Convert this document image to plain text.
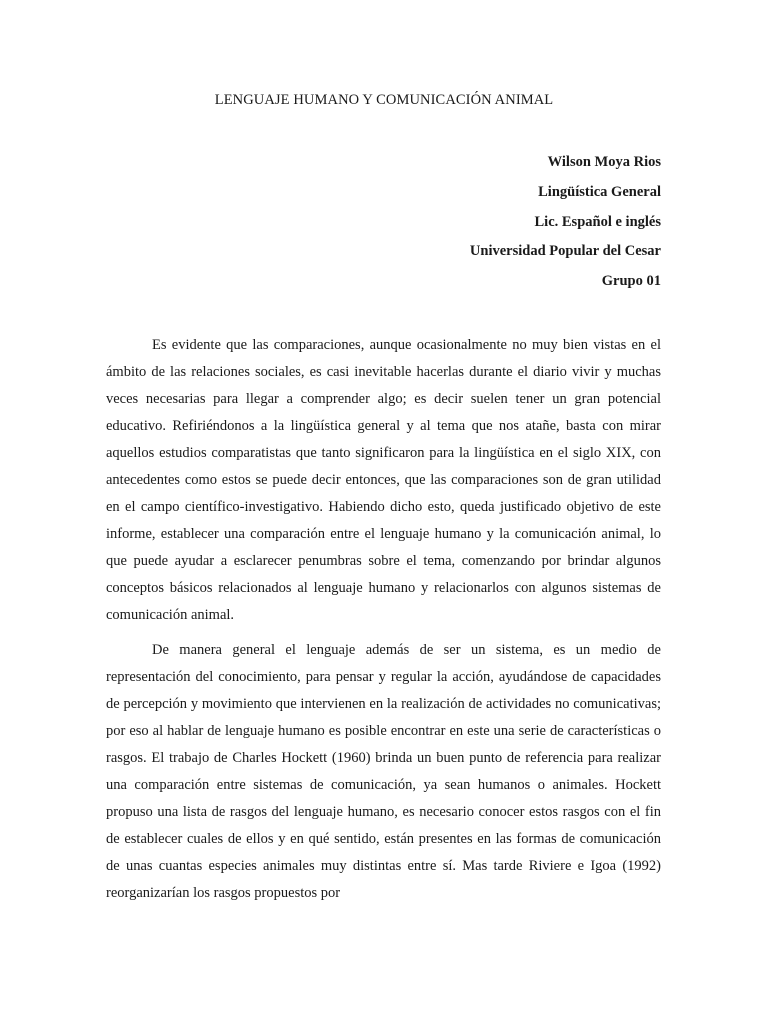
LENGUAJE HUMANO Y COMUNICACIÓN ANIMAL
Wilson Moya Rios
Lingüística General
Lic. Español e inglés
Universidad Popular del Cesar
Grupo 01

Es evidente que las comparaciones, aunque ocasionalmente no muy bien vistas en el ámbito de las relaciones sociales, es casi inevitable hacerlas durante el diario vivir y muchas veces necesarias para llegar a comprender algo; es decir suelen tener un gran potencial educativo. Refiriéndonos a la lingüística general y al tema que nos atañe, basta con mirar aquellos estudios comparatistas que tanto significaron para la lingüística en el siglo XIX, con antecedentes como estos se puede decir entonces, que las comparaciones son de gran utilidad en el campo científico-investigativo. Habiendo dicho esto, queda justificado objetivo de este informe, establecer una comparación entre el lenguaje humano y la comunicación animal, lo que puede ayudar a esclarecer penumbras sobre el tema, comenzando por brindar algunos conceptos básicos relacionados al lenguaje humano y relacionarlos con algunos sistemas de comunicación animal.

De manera general el lenguaje además de ser un sistema, es un medio de representación del conocimiento, para pensar y regular la acción, ayudándose de capacidades de percepción y movimiento que intervienen en la realización de actividades no comunicativas; por eso al hablar de lenguaje humano es posible encontrar en este una serie de características o rasgos. El trabajo de Charles Hockett (1960) brinda un buen punto de referencia para realizar una comparación entre sistemas de comunicación, ya sean humanos o animales. Hockett propuso una lista de rasgos del lenguaje humano, es necesario conocer estos rasgos con el fin de establecer cuales de ellos y en qué sentido, están presentes en las formas de comunicación de unas cuantas especies animales muy distintas entre sí. Mas tarde Riviere e Igoa (1992) reorganizarían los rasgos propuestos por
